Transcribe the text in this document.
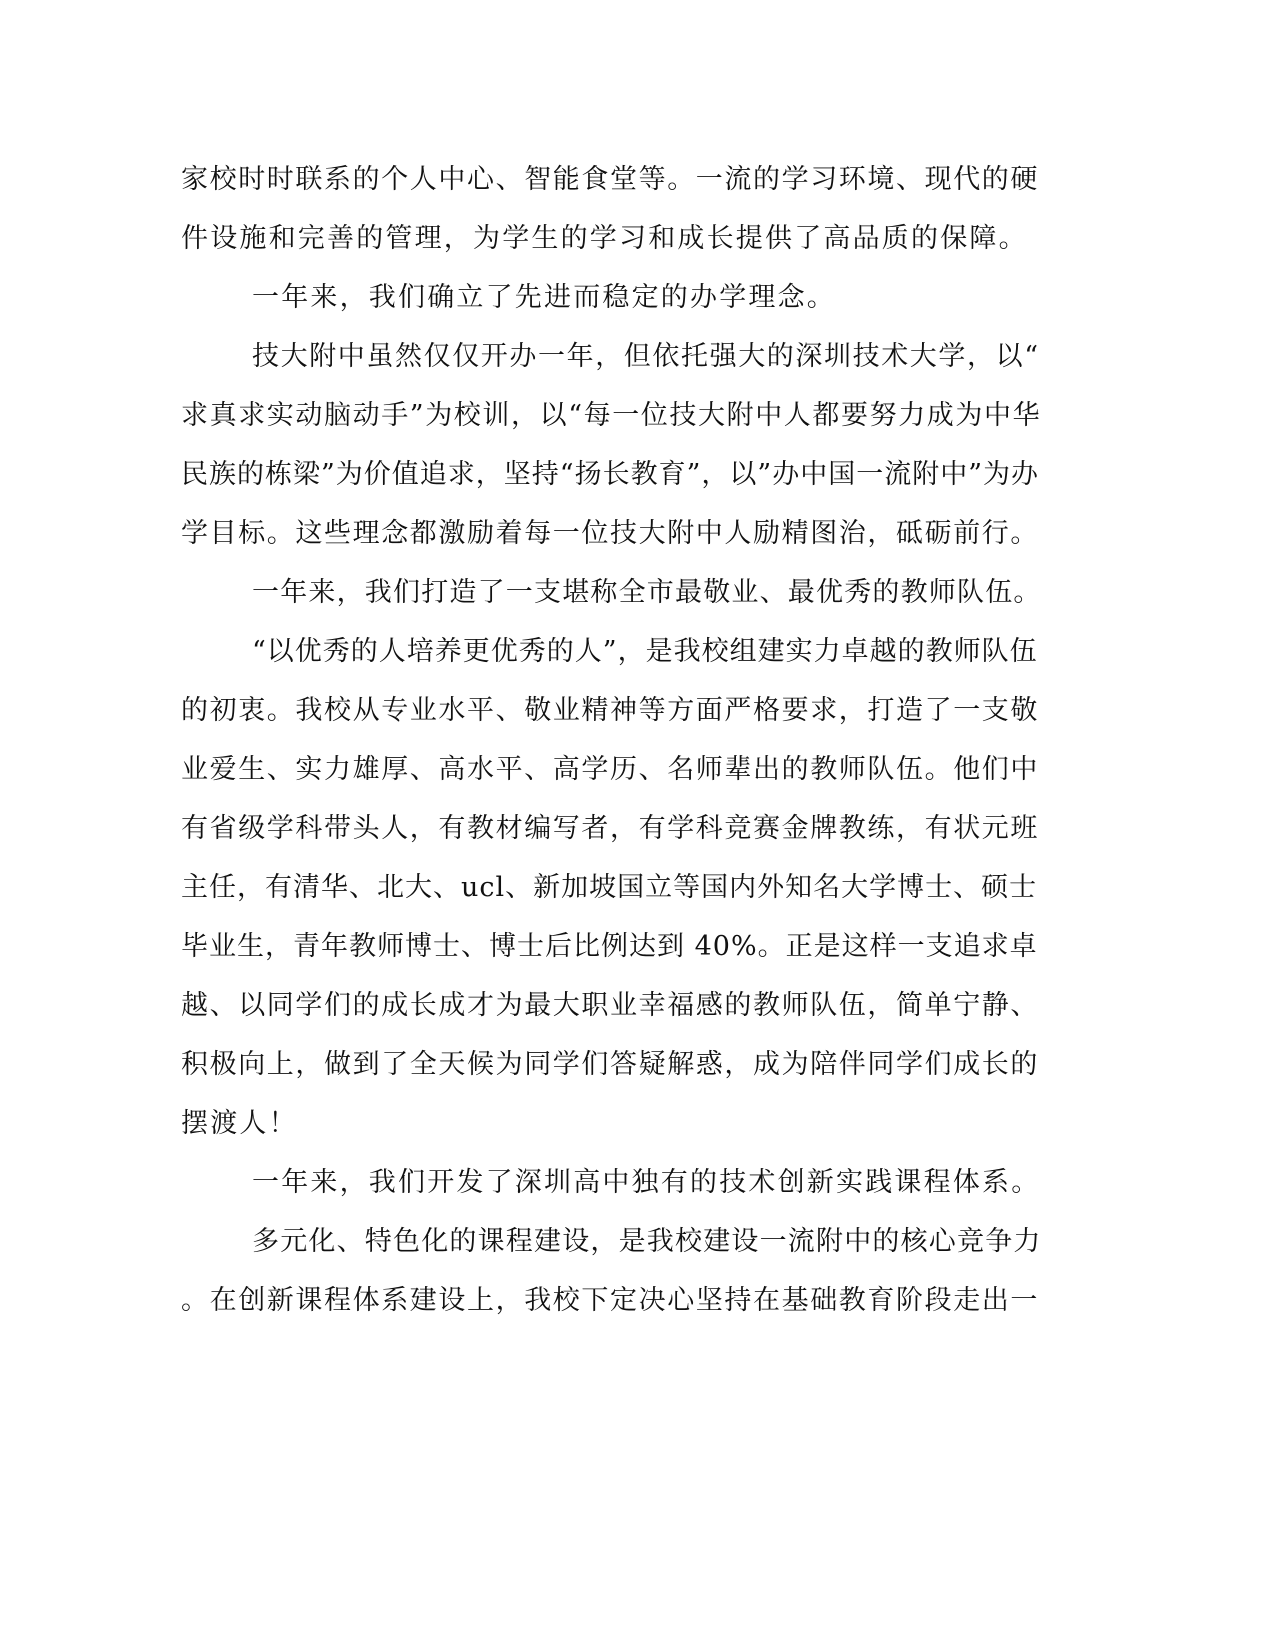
家校时时联系的个人中心、智能食堂等。一流的学习环境、现代的硬
件设施和完善的管理，为学生的学习和成长提供了高品质的保障。
一年来，我们确立了先进而稳定的办学理念。
技大附中虽然仅仅开办一年，但依托强大的深圳技术大学，以“
求真求实动脑动手”为校训，以“每一位技大附中人都要努力成为中华
民族的栋梁”为价值追求，坚持“扬长教育”，以”办中国一流附中”为办
学目标。这些理念都激励着每一位技大附中人励精图治，砥砺前行。
一年来，我们打造了一支堪称全市最敬业、最优秀的教师队伍。
“以优秀的人培养更优秀的人”，是我校组建实力卓越的教师队伍
的初衷。我校从专业水平、敬业精神等方面严格要求，打造了一支敬
业爱生、实力雄厚、高水平、高学历、名师辈出的教师队伍。他们中
有省级学科带头人，有教材编写者，有学科竞赛金牌教练，有状元班
主任，有清华、北大、ucl、新加坡国立等国内外知名大学博士、硕士
毕业生，青年教师博士、博士后比例达到 40%。正是这样一支追求卓
越、以同学们的成长成才为最大职业幸福感的教师队伍，简单宁静、
积极向上，做到了全天候为同学们答疑解惑，成为陪伴同学们成长的
摆渡人！
一年来，我们开发了深圳高中独有的技术创新实践课程体系。
多元化、特色化的课程建设，是我校建设一流附中的核心竞争力
。在创新课程体系建设上，我校下定决心坚持在基础教育阶段走出一
